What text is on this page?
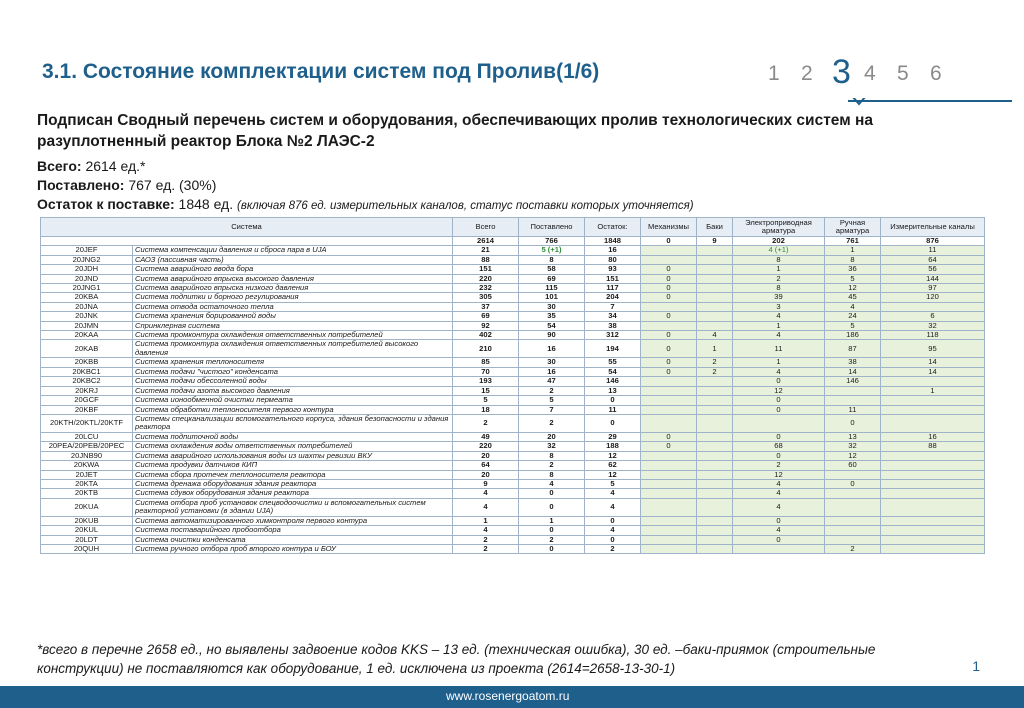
3.1. Состояние комплектации систем под Пролив(1/6)	1 2 3 4 5 6
Подписан Сводный перечень систем и оборудования, обеспечивающих пролив технологических систем на разуплотненный реактор Блока №2 ЛАЭС-2
Всего: 2614 ед.*
Поставлено: 767 ед. (30%)
Остаток к поставке: 1848 ед. (включая 876 ед. измерительных каналов, статус поставки которых уточняется)
Система		Всего	Поставлено	Остаток:	Механизмы	Баки	Электроприводная арматура	Ручная арматура	Измерительные каналы
		2614	766	1848	0	9	202	761	876
20JEF	Система компенсации давления и сброса пара в UJA	21	5 (+1)	16			4 (+1)	1	11
20JNG2	САОЗ (пассивная часть)	88	8	80			8	8	64
20JDH	Система аварийного ввода бора	151	58	93	0		1	36	56
20JND	Система аварийного впрыска высокого давления	220	69	151	0		2	5	144
20JNG1	Система аварийного впрыска низкого давления	232	115	117	0		8	12	97
20KBA	Система подпитки и борного регулирования	305	101	204	0		39	45	120
20JNA	Система отвода остаточного тепла	37	30	7			3	4	
20JNK	Система хранения борированной воды	69	35	34	0		4	24	6
20JMN	Спринклерная система	92	54	38			1	5	32
20KAA	Система промконтура охлаждения ответственных потребителей	402	90	312	0	4	4	186	118
20KAB	Система промконтура охлаждения ответственных потребителей высокого давления	210	16	194	0	1	11	87	95
20KBB	Система хранения теплоносителя	85	30	55	0	2	1	38	14
20KBC1	Система подачи "чистого" конденсата	70	16	54	0	2	4	14	14
20KBC2	Система подачи обессоленной воды	193	47	146			0	146	
20KRJ	Система подачи азота высокого давления	15	2	13			12		1
20GCF	Система ионообменной очистки пермеата	5	5	0			0		
20KBF	Система обработки теплоносителя первого контура	18	7	11			0	11	
20KTH/20KTL/20KTF	Системы спецканализации вспомогательного корпуса, здания безопасности и здания реактора	2	2	0				0	
20LCU	Система подпиточной воды	49	20	29	0		0	13	16
20PEA/20PEB/20PEC	Система охлаждения воды ответственных потребителей	220	32	188	0		68	32	88
20JNB90	Система аварийного использования воды из шахты ревизии ВКУ	20	8	12			0	12	
20KWA	Система продувки датчиков КИП	64	2	62			2	60	
20JET	Система сбора протечек теплоносителя реактора	20	8	12			12		
20KTA	Система дренажа оборудования здания реактора	9	4	5			4	0	
20KTB	Система сдувок оборудования здания реактора	4	0	4			4		
20KUA	Система отбора проб установок спецводоочистки и вспомогательных систем реакторной установки (в здании UJA)	4	0	4			4		
20KUB	Система автоматизированного химконтроля первого контура	1	1	0			0		
20KUL	Система поставарийного пробоотбора	4	0	4			4		
20LDT	Система очистки конденсата	2	2	0			0		
20QUH	Система ручного отбора проб второго контура и БОУ	2	0	2				2	
*всего в перечне 2658 ед., но выявлены задвоение кодов KKS – 13 ед. (техническая ошибка), 30 ед. –баки-приямок (строительные конструкции) не поставляются как оборудование, 1 ед. исключена из проекта (2614=2658-13-30-1)	1
www.rosenergoatom.ru
